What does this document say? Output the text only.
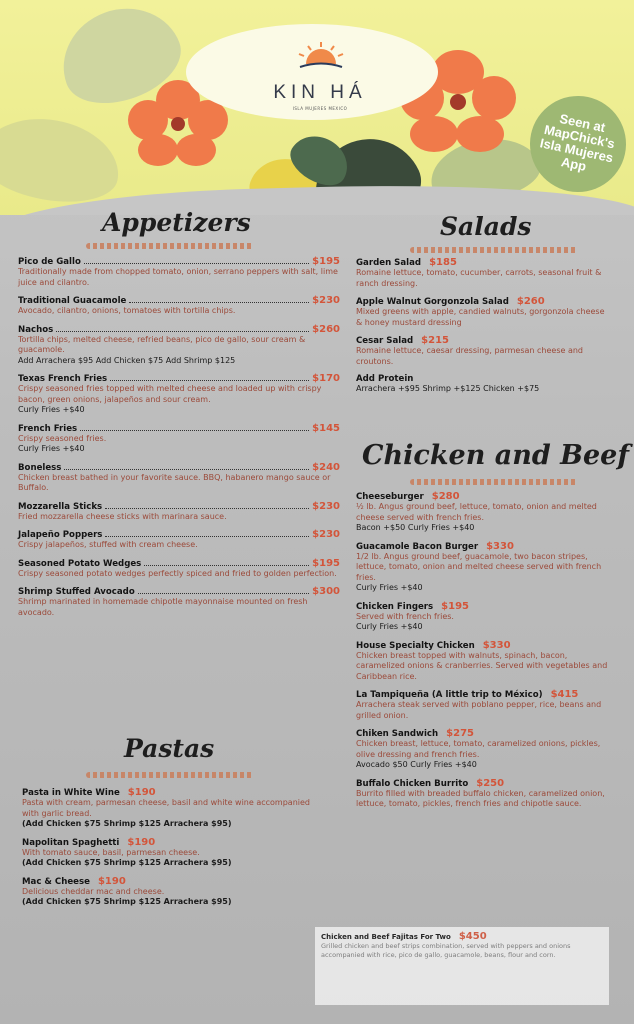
KIN HÁ
ISLA MUJERES MEXICO
Seen at
MapChick's
Isla Mujeres
App
Appetizers
Pico de Gallo	$195
Traditionally made from chopped tomato, onion, serrano peppers with salt, lime juice and cilantro.
Traditional Guacamole	$230
Avocado, cilantro, onions, tomatoes with tortilla chips.
Nachos	$260
Tortilla chips, melted cheese, refried beans, pico de gallo, sour cream & guacamole.
Add Arrachera $95 Add Chicken $75 Add Shrimp $125
Texas French Fries	$170
Crispy seasoned fries topped with melted cheese and loaded up with crispy bacon, green onions, jalapeños and sour cream.
Curly Fries +$40
French Fries	$145
Crispy seasoned fries.
Curly Fries +$40
Boneless	$240
Chicken breast bathed in your favorite sauce. BBQ, habanero mango sauce or Buffalo.
Mozzarella Sticks	$230
Fried mozzarella cheese sticks with marinara sauce.
Jalapeño Poppers	$230
Crispy jalapeños, stuffed with cream cheese.
Seasoned Potato Wedges	$195
Crispy seasoned potato wedges perfectly spiced and fried to golden perfection.
Shrimp Stuffed Avocado	$300
Shrimp marinated in homemade chipotle mayonnaise mounted on fresh avocado.
Pastas
Pasta in White Wine $190
Pasta with cream, parmesan cheese, basil and white wine accompanied with garlic bread.
(Add Chicken $75 Shrimp $125 Arrachera $95)
Napolitan Spaghetti $190
With tomato sauce, basil, parmesan cheese.
(Add Chicken $75 Shrimp $125 Arrachera $95)
Mac & Cheese $190
Delicious cheddar mac and cheese.
(Add Chicken $75 Shrimp $125 Arrachera $95)
Salads
Garden Salad $185
Romaine lettuce, tomato, cucumber, carrots, seasonal fruit & ranch dressing.
Apple Walnut Gorgonzola Salad $260
Mixed greens with apple, candied walnuts, gorgonzola cheese & honey mustard dressing
Cesar Salad $215
Romaine lettuce, caesar dressing, parmesan cheese and croutons.
Add Protein
Arrachera +$95 Shrimp +$125 Chicken +$75
Chicken and Beef
Cheeseburger $280
½ lb. Angus ground beef, lettuce, tomato, onion and melted cheese served with french fries.
Bacon +$50 Curly Fries +$40
Guacamole Bacon Burger $330
1/2 lb. Angus ground beef, guacamole, two bacon stripes, lettuce, tomato, onion and melted cheese served with french fries.
Curly Fries +$40
Chicken Fingers $195
Served with french fries.
Curly Fries +$40
House Specialty Chicken $330
Chicken breast topped with walnuts, spinach, bacon, caramelized onions & cranberries. Served with vegetables and Caribbean rice.
La Tampiqueña (A little trip to México) $415
Arrachera steak served with poblano pepper, rice, beans and grilled onion.
Chiken Sandwich $275
Chicken breast, lettuce, tomato, caramelized onions, pickles, olive dressing and french fries.
Avocado $50 Curly Fries +$40
Buffalo Chicken Burrito $250
Burrito filled with breaded buffalo chicken, caramelized onion, lettuce, tomato, pickles, french fries and chipotle sauce.
Chicken and Beef Fajitas For Two $450
Grilled chicken and beef strips combination, served with peppers and onions accompanied with rice, pico de gallo, guacamole, beans, flour and corn.
